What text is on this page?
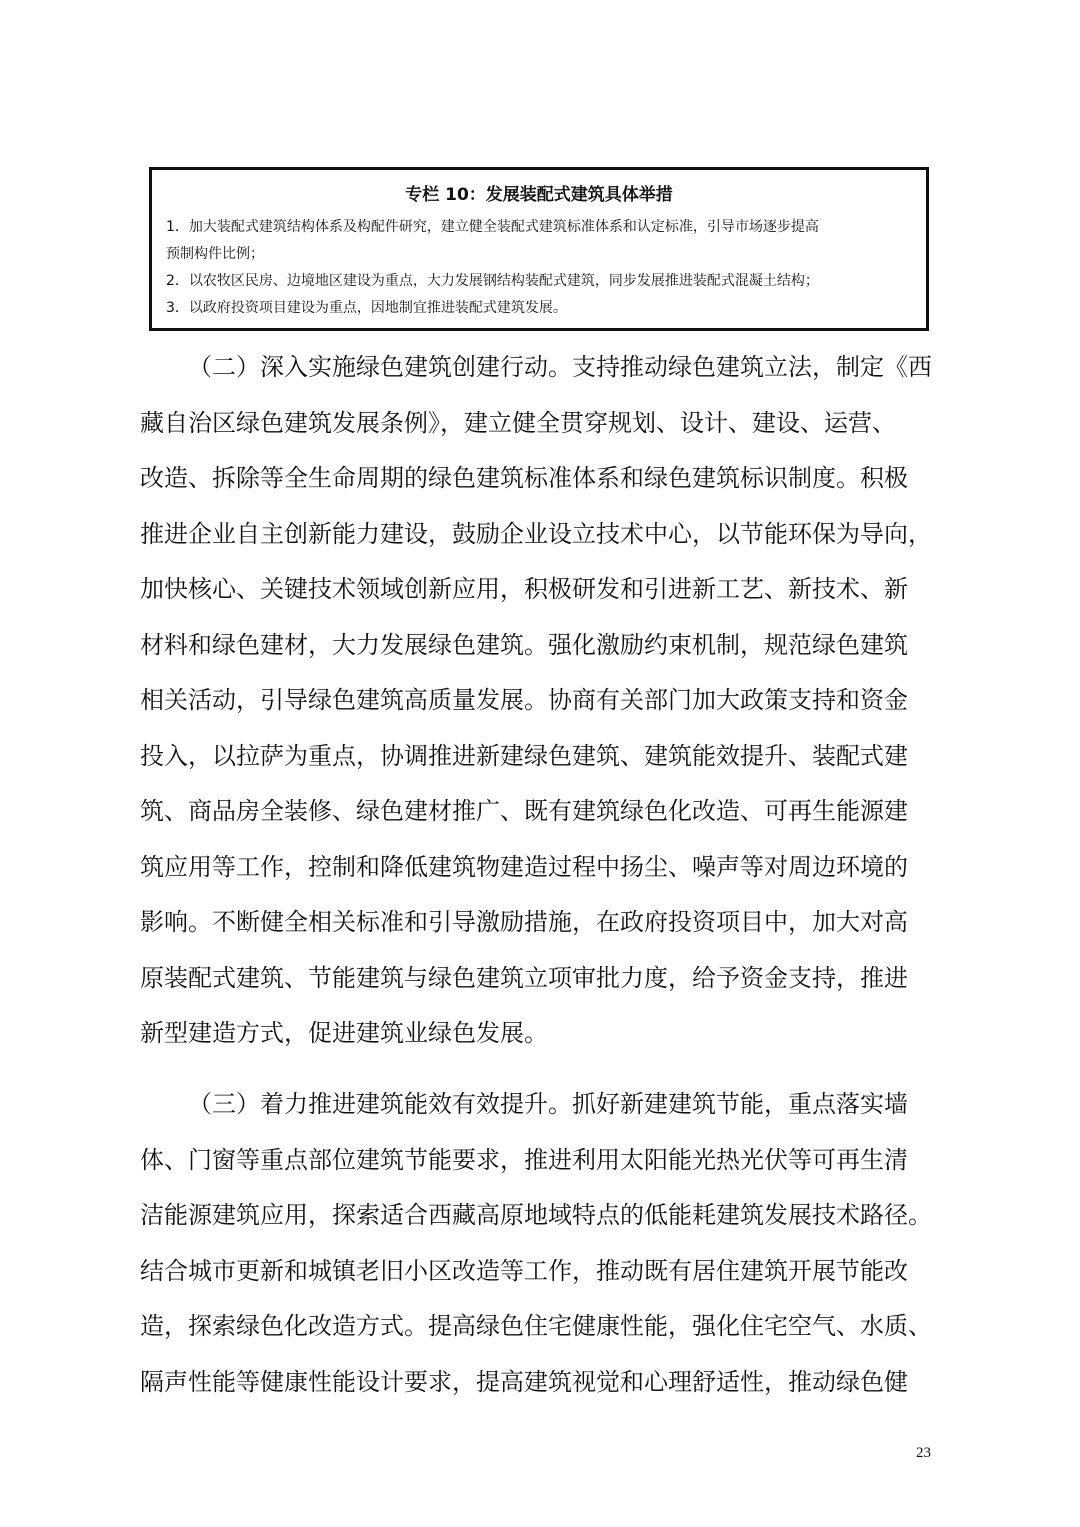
专栏 10：发展装配式建筑具体举措
1．加大装配式建筑结构体系及构配件研究，建立健全装配式建筑标准体系和认定标准，引导市场逐步提高
预制构件比例；
2．以农牧区民房、边境地区建设为重点，大力发展钢结构装配式建筑，同步发展推进装配式混凝土结构；
3．以政府投资项目建设为重点，因地制宜推进装配式建筑发展。
（二）深入实施绿色建筑创建行动。支持推动绿色建筑立法，制定《西
藏自治区绿色建筑发展条例》，建立健全贯穿规划、设计、建设、运营、
改造、拆除等全生命周期的绿色建筑标准体系和绿色建筑标识制度。积极
推进企业自主创新能力建设，鼓励企业设立技术中心，以节能环保为导向，
加快核心、关键技术领域创新应用，积极研发和引进新工艺、新技术、新
材料和绿色建材，大力发展绿色建筑。强化激励约束机制，规范绿色建筑
相关活动，引导绿色建筑高质量发展。协商有关部门加大政策支持和资金
投入，以拉萨为重点，协调推进新建绿色建筑、建筑能效提升、装配式建
筑、商品房全装修、绿色建材推广、既有建筑绿色化改造、可再生能源建
筑应用等工作，控制和降低建筑物建造过程中扬尘、噪声等对周边环境的
影响。不断健全相关标准和引导激励措施，在政府投资项目中，加大对高
原装配式建筑、节能建筑与绿色建筑立项审批力度，给予资金支持，推进
新型建造方式，促进建筑业绿色发展。
（三）着力推进建筑能效有效提升。抓好新建建筑节能，重点落实墙
体、门窗等重点部位建筑节能要求，推进利用太阳能光热光伏等可再生清
洁能源建筑应用，探索适合西藏高原地域特点的低能耗建筑发展技术路径。
结合城市更新和城镇老旧小区改造等工作，推动既有居住建筑开展节能改
造，探索绿色化改造方式。提高绿色住宅健康性能，强化住宅空气、水质、
隔声性能等健康性能设计要求，提高建筑视觉和心理舒适性，推动绿色健
23
